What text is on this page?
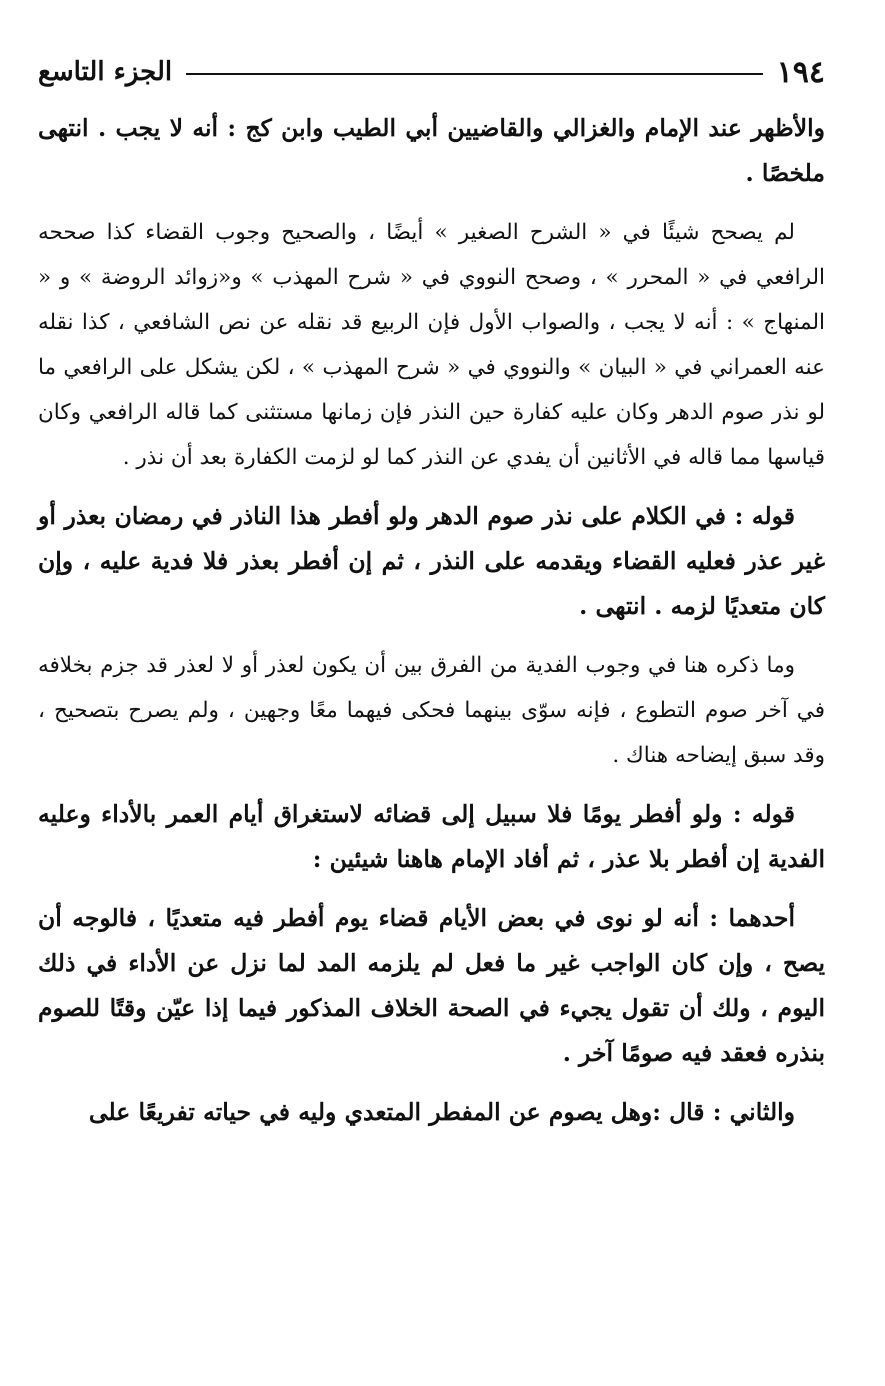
١٩٤
الجزء التاسع

والأظهر عند الإمام والغزالي والقاضيين أبي الطيب وابن كج : أنه لا يجب . انتهى ملخصًا .

لم يصحح شيئًا في « الشرح الصغير » أيضًا ، والصحيح وجوب القضاء كذا صححه الرافعي في « المحرر » ، وصحح النووي في « شرح المهذب » و«زوائد الروضة » و « المنهاج » : أنه لا يجب ، والصواب الأول فإن الربيع قد نقله عن نص الشافعي ، كذا نقله عنه العمراني في « البيان » والنووي في « شرح المهذب » ، لكن يشكل على الرافعي ما لو نذر صوم الدهر وكان عليه كفارة حين النذر فإن زمانها مستثنى كما قاله الرافعي وكان قياسها مما قاله في الأثانين أن يفدي عن النذر كما لو لزمت الكفارة بعد أن نذر .

قوله : في الكلام على نذر صوم الدهر ولو أفطر هذا الناذر في رمضان بعذر أو غير عذر فعليه القضاء ويقدمه على النذر ، ثم إن أفطر بعذر فلا فدية عليه ، وإن كان متعديًا لزمه . انتهى .

وما ذكره هنا في وجوب الفدية من الفرق بين أن يكون لعذر أو لا لعذر قد جزم بخلافه في آخر صوم التطوع ، فإنه سوّى بينهما فحكى فيهما معًا وجهين ، ولم يصرح بتصحيح ، وقد سبق إيضاحه هناك .

قوله : ولو أفطر يومًا فلا سبيل إلى قضائه لاستغراق أيام العمر بالأداء وعليه الفدية إن أفطر بلا عذر ، ثم أفاد الإمام هاهنا شيئين :

أحدهما : أنه لو نوى في بعض الأيام قضاء يوم أفطر فيه متعديًا ، فالوجه أن يصح ، وإن كان الواجب غير ما فعل لم يلزمه المد لما نزل عن الأداء في ذلك اليوم ، ولك أن تقول يجيء في الصحة الخلاف المذكور فيما إذا عيّن وقتًا للصوم بنذره فعقد فيه صومًا آخر .

والثاني : قال :وهل يصوم عن المفطر المتعدي وليه في حياته تفريعًا على
